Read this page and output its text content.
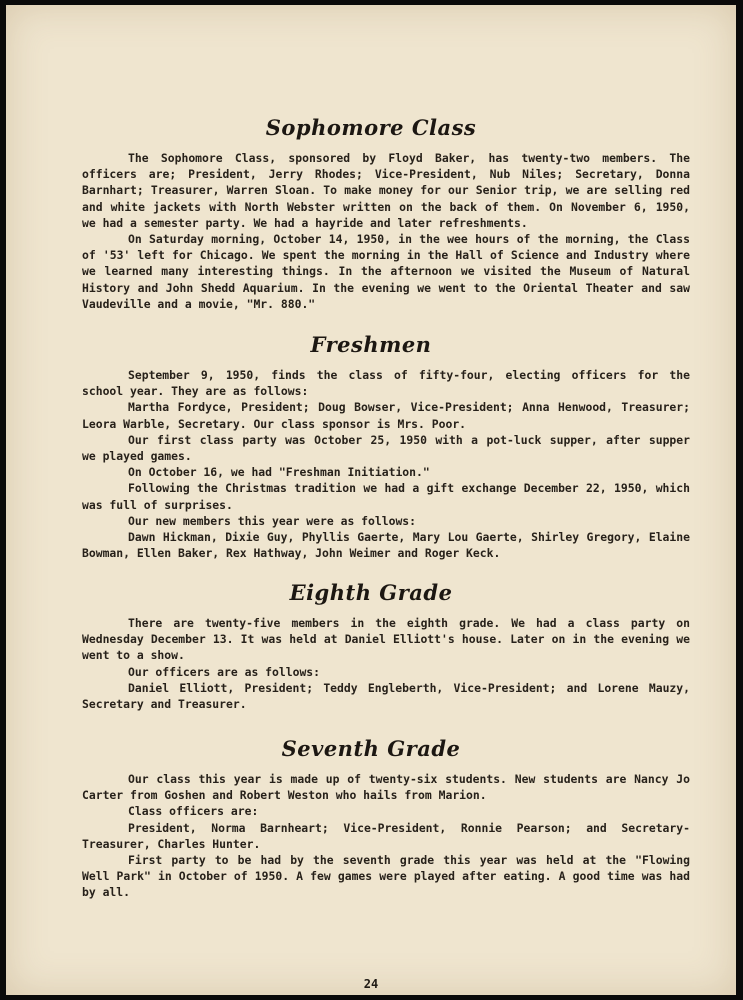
Sophomore Class

The Sophomore Class, sponsored by Floyd Baker, has twenty-two members. The officers are; President, Jerry Rhodes; Vice-President, Nub Niles; Secretary, Donna Barnhart; Treasurer, Warren Sloan. To make money for our Senior trip, we are selling red and white jackets with North Webster written on the back of them. On November 6, 1950, we had a semester party. We had a hayride and later refreshments.

On Saturday morning, October 14, 1950, in the wee hours of the morning, the Class of '53' left for Chicago. We spent the morning in the Hall of Science and Industry where we learned many interesting things. In the afternoon we visited the Museum of Natural History and John Shedd Aquarium. In the evening we went to the Oriental Theater and saw Vaudeville and a movie, "Mr. 880."

Freshmen

September 9, 1950, finds the class of fifty-four, electing officers for the school year. They are as follows:

Martha Fordyce, President; Doug Bowser, Vice-President; Anna Henwood, Treasurer; Leora Warble, Secretary. Our class sponsor is Mrs. Poor.

Our first class party was October 25, 1950 with a pot-luck supper, after supper we played games.

On October 16, we had "Freshman Initiation."

Following the Christmas tradition we had a gift exchange December 22, 1950, which was full of surprises.

Our new members this year were as follows:

Dawn Hickman, Dixie Guy, Phyllis Gaerte, Mary Lou Gaerte, Shirley Gregory, Elaine Bowman, Ellen Baker, Rex Hathway, John Weimer and Roger Keck.

Eighth Grade

There are twenty-five members in the eighth grade. We had a class party on Wednesday December 13. It was held at Daniel Elliott's house. Later on in the evening we went to a show.

Our officers are as follows:

Daniel Elliott, President; Teddy Engleberth, Vice-President; and Lorene Mauzy, Secretary and Treasurer.

Seventh Grade

Our class this year is made up of twenty-six students. New students are Nancy Jo Carter from Goshen and Robert Weston who hails from Marion.

Class officers are:

President, Norma Barnheart; Vice-President, Ronnie Pearson; and Secretary-Treasurer, Charles Hunter.

First party to be had by the seventh grade this year was held at the "Flowing Well Park" in October of 1950. A few games were played after eating. A good time was had by all.

24
